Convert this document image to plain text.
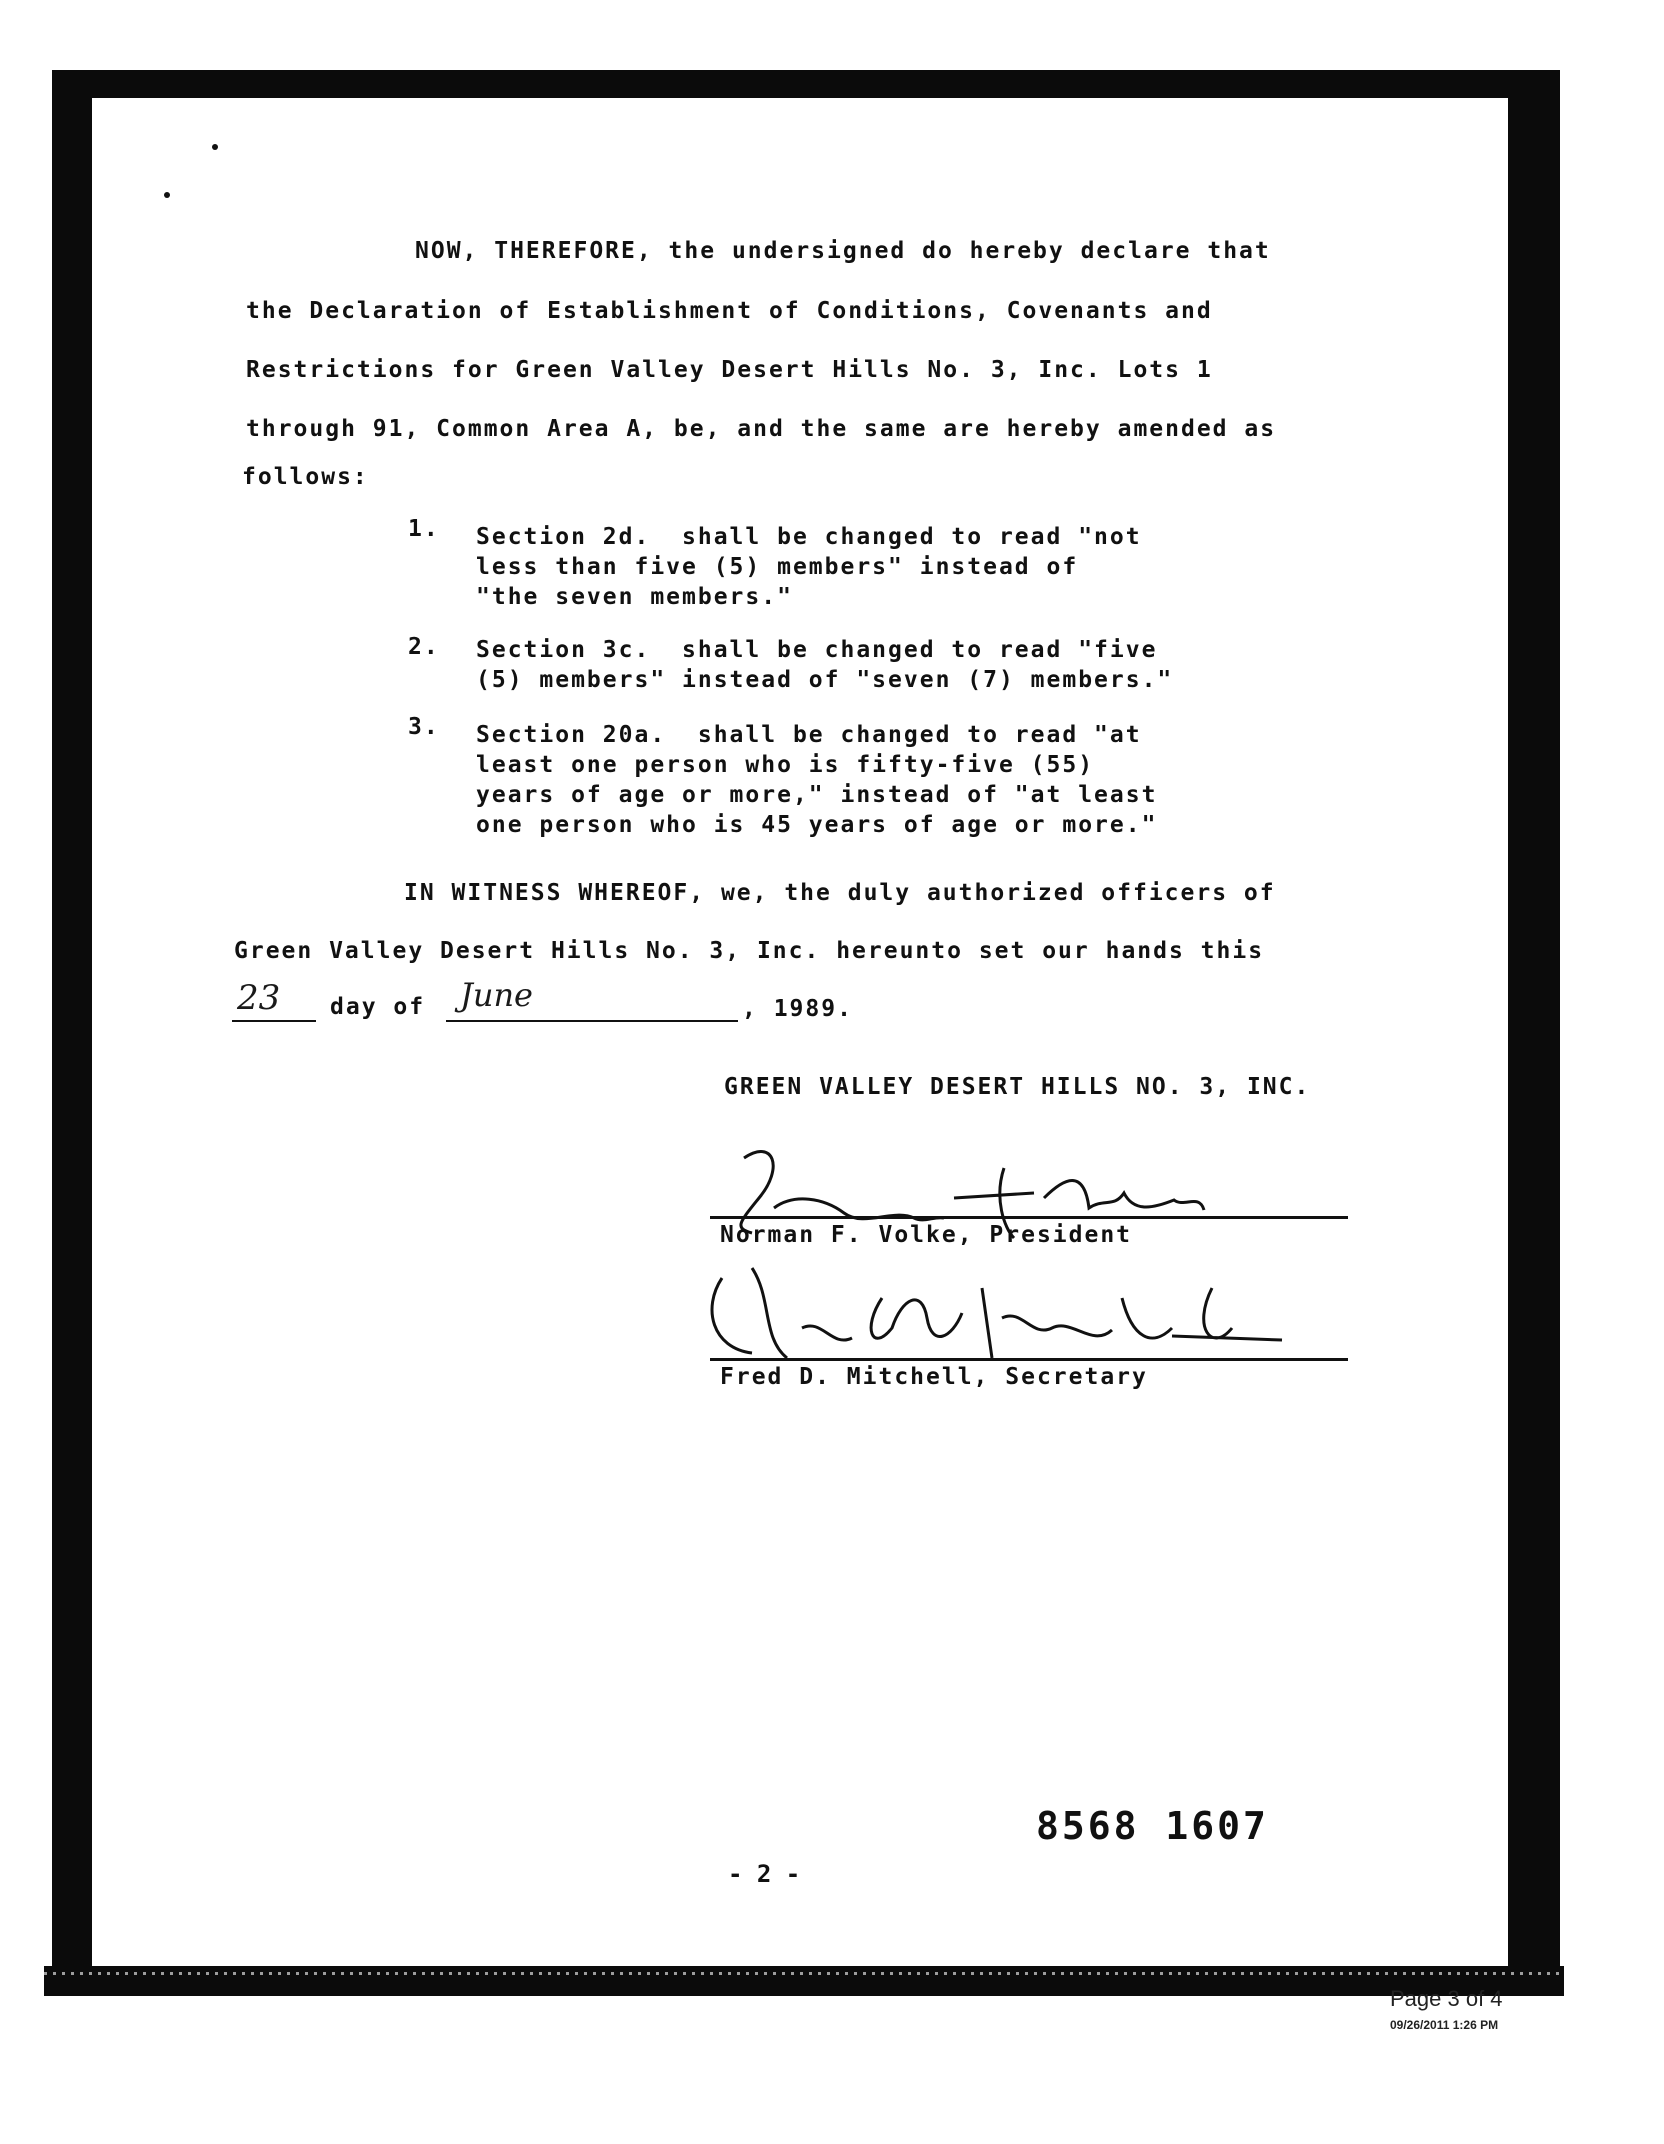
NOW, THEREFORE, the undersigned do hereby declare that
the Declaration of Establishment of Conditions, Covenants and
Restrictions for Green Valley Desert Hills No. 3, Inc. Lots 1
through 91, Common Area A, be, and the same are hereby amended as
follows:
1. Section 2d.  shall be changed to read "not
less than five (5) members" instead of
"the seven members."
2. Section 3c.  shall be changed to read "five
(5) members" instead of "seven (7) members."
3. Section 20a.  shall be changed to read "at
least one person who is fifty-five (55)
years of age or more," instead of "at least
one person who is 45 years of age or more."
IN WITNESS WHEREOF, we, the duly authorized officers of
Green Valley Desert Hills No. 3, Inc. hereunto set our hands this
23 day of June	, 1989.
GREEN VALLEY DESERT HILLS NO. 3, INC.
Norman F. Volke, President
Fred D. Mitchell, Secretary
8568 1607
- 2 -
Page 3 of 4
09/26/2011 1:26 PM
